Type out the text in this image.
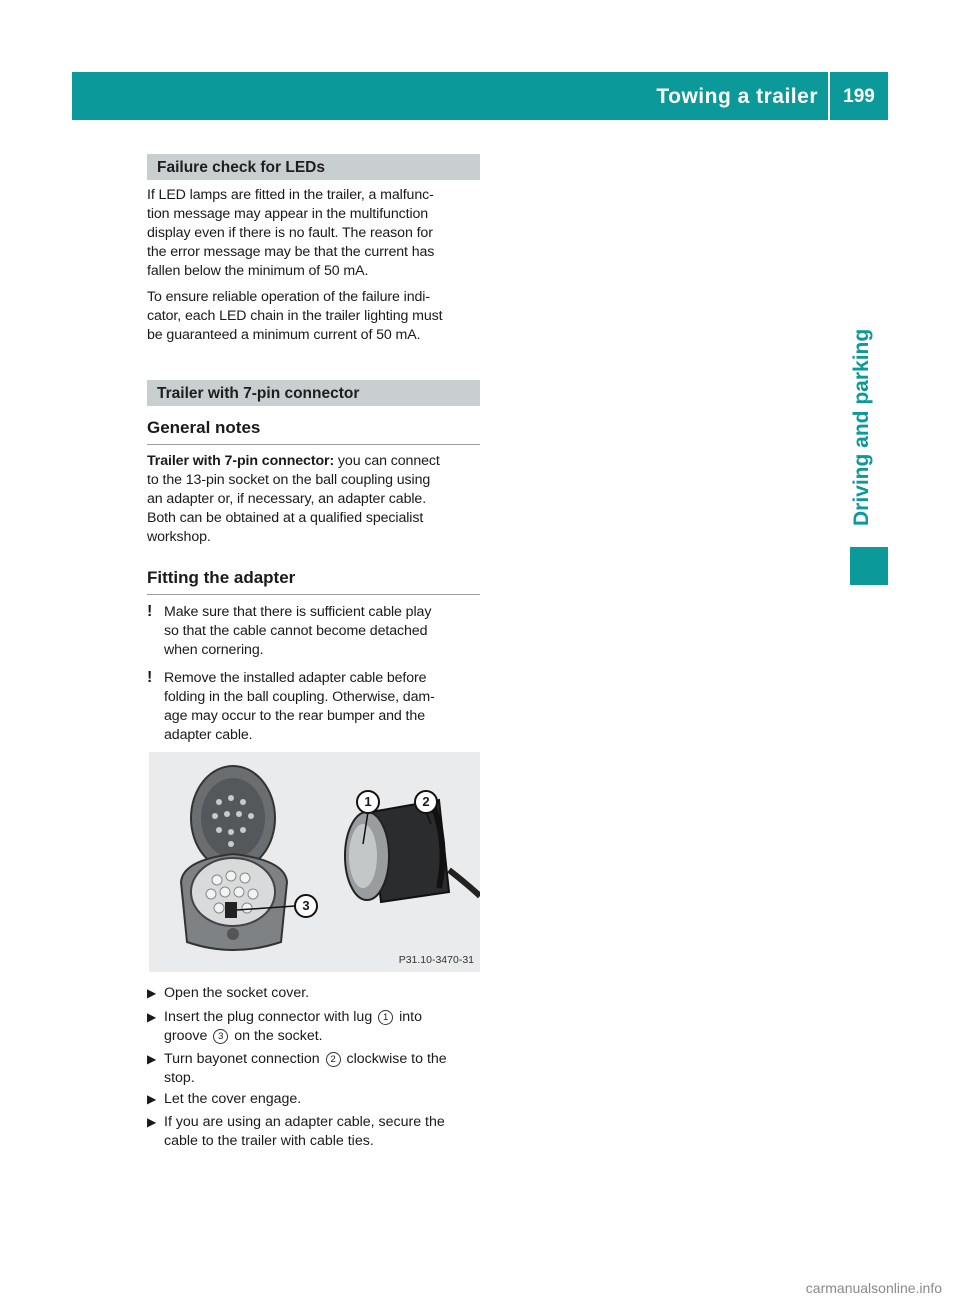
Towing a trailer	199
Driving and parking
Failure check for LEDs
If LED lamps are fitted in the trailer, a malfunc-
tion message may appear in the multifunction
display even if there is no fault. The reason for
the error message may be that the current has
fallen below the minimum of 50 mA.
To ensure reliable operation of the failure indi-
cator, each LED chain in the trailer lighting must
be guaranteed a minimum current of 50 mA.
Trailer with 7-pin connector
General notes
Trailer with 7-pin connector: you can connect
to the 13-pin socket on the ball coupling using
an adapter or, if necessary, an adapter cable.
Both can be obtained at a qualified specialist
workshop.
Fitting the adapter
! Make sure that there is sufficient cable play
so that the cable cannot become detached
when cornering.
! Remove the installed adapter cable before
folding in the ball coupling. Otherwise, dam-
age may occur to the rear bumper and the
adapter cable.
1	2
3
P31.10-3470-31
▶ Open the socket cover.
▶ Insert the plug connector with lug 1 into
groove 3 on the socket.
▶ Turn bayonet connection 2 clockwise to the
stop.
▶ Let the cover engage.
▶ If you are using an adapter cable, secure the
cable to the trailer with cable ties.
carmanualsonline.info
